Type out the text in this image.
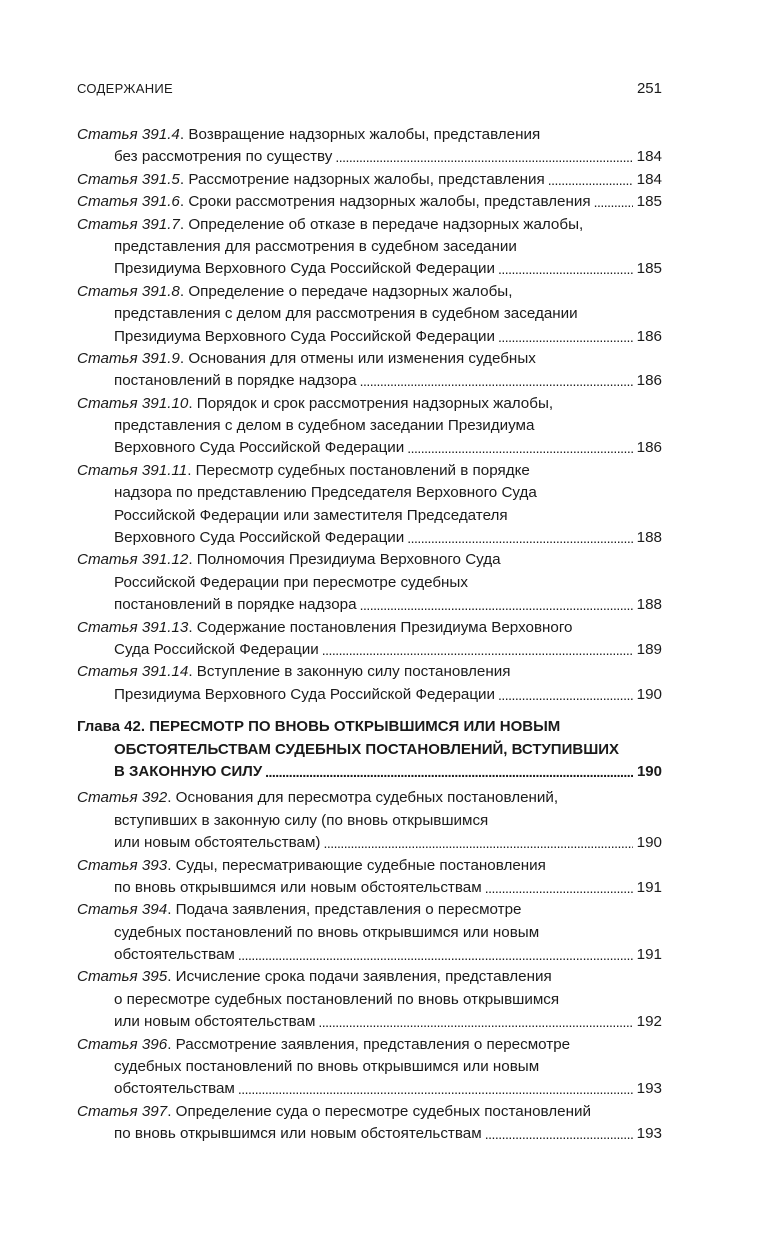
СОДЕРЖАНИЕ	251
Статья 391.4 . Возвращение надзорных жалобы, представления
без рассмотрения по существу . . .	184
Статья 391.5 . Рассмотрение надзорных жалобы, представления . . .	184
Статья 391.6 . Сроки рассмотрения надзорных жалобы, представления . . .	185
Статья 391.7 . Определение об отказе в передаче надзорных жалобы,
представления для рассмотрения в судебном заседании
Президиума Верховного Суда Российской Федерации . . .	185
Статья 391.8 . Определение о передаче надзорных жалобы,
представления с делом для рассмотрения в судебном заседании
Президиума Верховного Суда Российской Федерации . . .	186
Статья 391.9 . Основания для отмены или изменения судебных
постановлений в порядке надзора . . .	186
Статья 391.10 . Порядок и срок рассмотрения надзорных жалобы,
представления с делом в судебном заседании Президиума
Верховного Суда Российской Федерации . . .	186
Статья 391.11 . Пересмотр судебных постановлений в порядке
надзора по представлению Председателя Верховного Суда
Российской Федерации или заместителя Председателя
Верховного Суда Российской Федерации . . .	188
Статья 391.12 . Полномочия Президиума Верховного Суда
Российской Федерации при пересмотре судебных
постановлений в порядке надзора . . .	188
Статья 391.13 . Содержание постановления Президиума Верховного
Суда Российской Федерации . . .	189
Статья 391.14 . Вступление в законную силу постановления
Президиума Верховного Суда Российской Федерации . . .	190
Глава 42 . ПЕРЕСМОТР ПО ВНОВЬ ОТКРЫВШИМСЯ ИЛИ НОВЫМ
ОБСТОЯТЕЛЬСТВАМ СУДЕБНЫХ ПОСТАНОВЛЕНИЙ, ВСТУПИВШИХ
В ЗАКОННУЮ СИЛУ . . .	190
Статья 392 . Основания для пересмотра судебных постановлений,
вступивших в законную силу (по вновь открывшимся
или новым обстоятельствам) . . .	190
Статья 393 . Суды, пересматривающие судебные постановления
по вновь открывшимся или новым обстоятельствам . . .	191
Статья 394 . Подача заявления, представления о пересмотре
судебных постановлений по вновь открывшимся или новым
обстоятельствам . . .	191
Статья 395 . Исчисление срока подачи заявления, представления
о пересмотре судебных постановлений по вновь открывшимся
или новым обстоятельствам . . .	192
Статья 396 . Рассмотрение заявления, представления о пересмотре
судебных постановлений по вновь открывшимся или новым
обстоятельствам . . .	193
Статья 397 . Определение суда о пересмотре судебных постановлений
по вновь открывшимся или новым обстоятельствам . . .	193
